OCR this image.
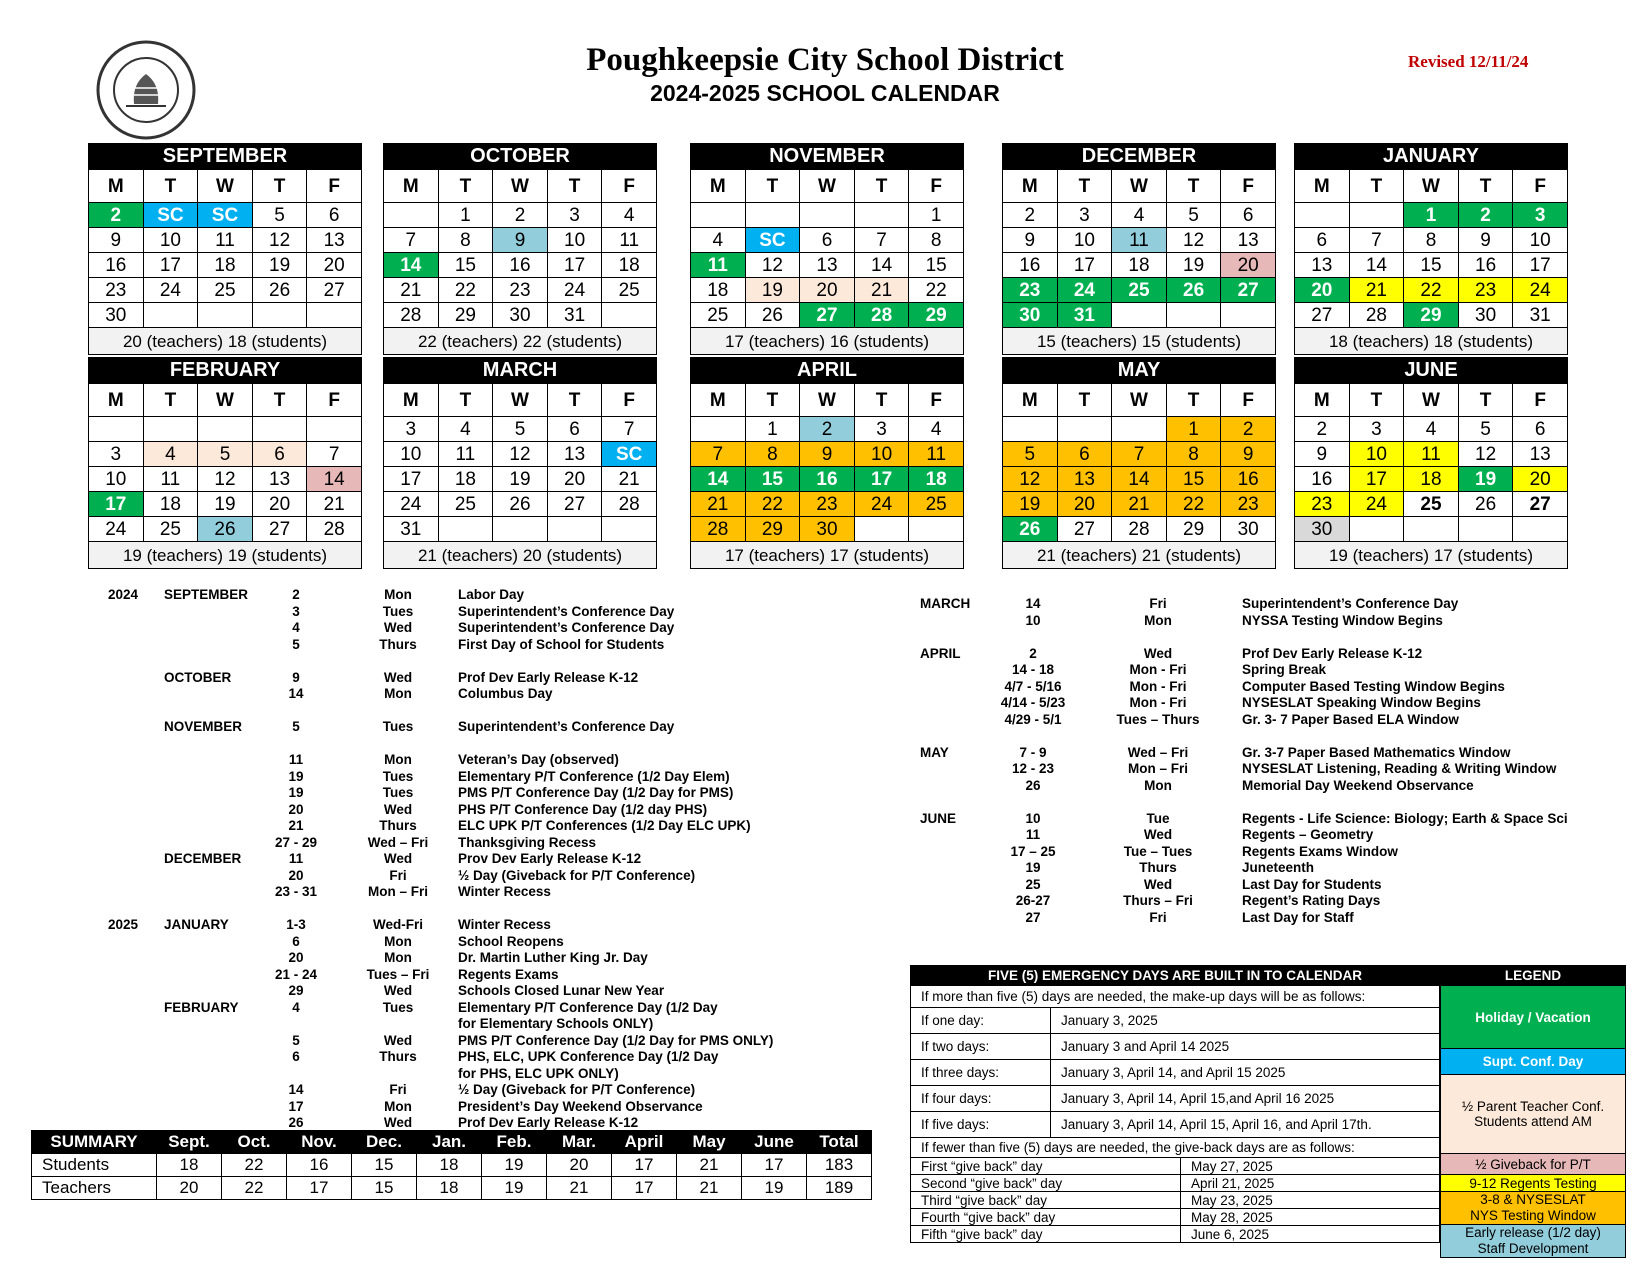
Poughkeepsie City School District
2024-2025 SCHOOL CALENDAR
Revised 12/11/24
SEPTEMBER				
M	T	W	T	F
2	SC	SC	5	6
9	10	11	12	13
16	17	18	19	20
23	24	25	26	27
30				
20 (teachers) 18 (students)				
OCTOBER				
M	T	W	T	F
	1	2	3	4
7	8	9	10	11
14	15	16	17	18
21	22	23	24	25
28	29	30	31	
22 (teachers) 22 (students)				
NOVEMBER				
M	T	W	T	F
				1
4	SC	6	7	8
11	12	13	14	15
18	19	20	21	22
25	26	27	28	29
17 (teachers) 16 (students)				
DECEMBER				
M	T	W	T	F
2	3	4	5	6
9	10	11	12	13
16	17	18	19	20
23	24	25	26	27
30	31			
15 (teachers) 15 (students)				
JANUARY				
M	T	W	T	F
		1	2	3
6	7	8	9	10
13	14	15	16	17
20	21	22	23	24
27	28	29	30	31
18 (teachers) 18 (students)				
FEBRUARY				
M	T	W	T	F

3	4	5	6	7
10	11	12	13	14
17	18	19	20	21
24	25	26	27	28
19 (teachers) 19 (students)				
MARCH				
M	T	W	T	F
3	4	5	6	7
10	11	12	13	SC
17	18	19	20	21
24	25	26	27	28
31				
21 (teachers) 20 (students)				
APRIL				
M	T	W	T	F
	1	2	3	4
7	8	9	10	11
14	15	16	17	18
21	22	23	24	25
28	29	30		
17 (teachers) 17 (students)				
MAY				
M	T	W	T	F
			1	2
5	6	7	8	9
12	13	14	15	16
19	20	21	22	23
26	27	28	29	30
21 (teachers) 21 (students)				
JUNE				
M	T	W	T	F
2	3	4	5	6
9	10	11	12	13
16	17	18	19	20
23	24	25	26	27
30				
19 (teachers) 17 (students)				
2024 SEPTEMBER	2	Mon	Labor Day
3	Tues	Superintendent’s Conference Day
4	Wed	Superintendent’s Conference Day
5	Thurs	First Day of School for Students
OCTOBER	9	Wed	Prof Dev Early Release K-12
14	Mon	Columbus Day
NOVEMBER	5	Tues	Superintendent’s Conference Day
11	Mon	Veteran’s Day (observed)
19	Tues	Elementary P/T Conference (1/2 Day Elem)
19	Tues	PMS P/T Conference Day (1/2 Day for PMS)
20	Wed	PHS P/T Conference Day (1/2 day PHS)
21	Thurs	ELC UPK P/T Conferences (1/2 Day ELC UPK)
27 - 29	Wed – Fri	Thanksgiving Recess
DECEMBER	11	Wed	Prov Dev Early Release K-12
20	Fri	½ Day (Giveback for P/T Conference)
23 - 31	Mon – Fri	Winter Recess
2025 JANUARY	1-3	Wed-Fri	Winter Recess
6	Mon	School Reopens
20	Mon	Dr. Martin Luther King Jr. Day
21 - 24	Tues – Fri	Regents Exams
29	Wed	Schools Closed Lunar New Year
FEBRUARY	4	Tues	Elementary P/T Conference Day (1/2 Day
for Elementary Schools ONLY)
5	Wed	PMS P/T Conference Day (1/2 Day for PMS ONLY)
6	Thurs	PHS, ELC, UPK Conference Day (1/2 Day
for PHS, ELC UPK ONLY)
14	Fri	½ Day (Giveback for P/T Conference)
17	Mon	President’s Day Weekend Observance
26	Wed	Prof Dev Early Release K-12
MARCH	14	Fri	Superintendent’s Conference Day
10	Mon	NYSSA Testing Window Begins
APRIL	2	Wed	Prof Dev Early Release K-12
14 - 18	Mon - Fri	Spring Break
4/7 - 5/16	Mon - Fri	Computer Based Testing Window Begins
4/14 - 5/23	Mon - Fri	NYSESLAT Speaking Window Begins
4/29 - 5/1	Tues – Thurs	Gr. 3- 7 Paper Based ELA Window
MAY	7 - 9	Wed – Fri	Gr. 3-7 Paper Based Mathematics Window
12 - 23	Mon – Fri	NYSESLAT Listening, Reading & Writing Window
26	Mon	Memorial Day Weekend Observance
JUNE	10	Tue	Regents - Life Science: Biology; Earth & Space Sci
11	Wed	Regents – Geometry
17 – 25	Tue – Tues	Regents Exams Window
19	Thurs	Juneteenth
25	Wed	Last Day for Students
26-27	Thurs – Fri	Regent’s Rating Days
27	Fri	Last Day for Staff
SUMMARY	Sept.	Oct.	Nov.	Dec.	Jan.	Feb.	Mar.	April	May	June	Total
Students	18	22	16	15	18	19	20	17	21	17	183
Teachers	20	22	17	15	18	19	21	17	21	19	189
FIVE (5) EMERGENCY DAYS ARE BUILT IN TO CALENDAR		
If more than five (5) days are needed, the make-up days will be as follows:		
If one day:	January 3, 2025	
If two days:	January 3 and April 14 2025	
If three days:	January 3, April 14, and April 15 2025	
If four days:	January 3, April 14, April 15,and April 16 2025	
If five days:	January 3, April 14, April 15, April 16, and April 17th.	
If fewer than five (5) days are needed, the give-back days are as follows:		
First “give back” day		May 27, 2025
Second “give back” day		April 21, 2025
Third “give back” day		May 23, 2025
Fourth “give back” day		May 28, 2025
Fifth “give back” day		June 6, 2025
LEGEND
Holiday / Vacation
Supt. Conf. Day
½ Parent Teacher Conf.
Students attend AM
½ Giveback for P/T
9-12 Regents Testing
3-8 & NYSESLAT
NYS Testing Window
Early release (1/2 day)
Staff Development
